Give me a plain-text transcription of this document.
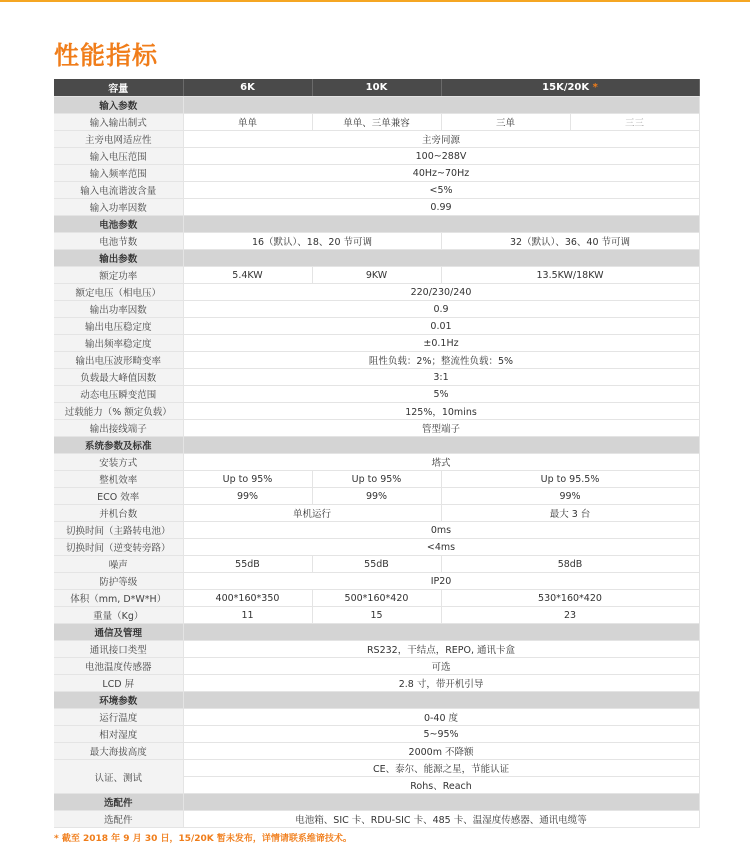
性能指标
容量	6K	10K	15K/20K *	
输入参数				
输入输出制式	单单	单单、三单兼容	三单	三三
主旁电网适应性	主旁同源			
输入电压范围	100~288V			
输入频率范围	40Hz~70Hz			
输入电流谐波含量	<5%			
输入功率因数	0.99			
电池参数				
电池节数	16（默认）、18、20 节可调		32（默认）、36、40 节可调	
输出参数				
额定功率	5.4KW	9KW	13.5KW/18KW	
额定电压（相电压）	220/230/240			
输出功率因数	0.9			
输出电压稳定度	0.01			
输出频率稳定度	±0.1Hz			
输出电压波形畸变率	阻性负载：2%；整流性负载：5%			
负载最大峰值因数	3:1			
动态电压瞬变范围	5%			
过载能力（% 额定负载）	125%，10mins			
输出接线端子	管型端子			
系统参数及标准				
安装方式	塔式			
整机效率	Up to 95%	Up to 95%	Up to 95.5%	
ECO 效率	99%	99%	99%	
并机台数	单机运行		最大 3 台	
切换时间（主路转电池）	0ms			
切换时间（逆变转旁路）	<4ms			
噪声	55dB	55dB	58dB	
防护等级	IP20			
体积（mm, D*W*H）	400*160*350	500*160*420	530*160*420	
重量（Kg）	11	15	23	
通信及管理				
通讯接口类型	RS232，干结点，REPO, 通讯卡盒			
电池温度传感器	可选			
LCD 屏	2.8 寸，带开机引导			
环境参数				
运行温度	0-40 度			
相对湿度	5~95%			
最大海拔高度	2000m 不降额			
认证、测试	CE、泰尔、能源之星，节能认证			
	Rohs、Reach			
选配件				
选配件	电池箱、SIC 卡、RDU-SIC 卡、485 卡、温湿度传感器、通讯电缆等			
* 截至 2018 年 9 月 30 日，15/20K 暂未发布，详情请联系维谛技术。
